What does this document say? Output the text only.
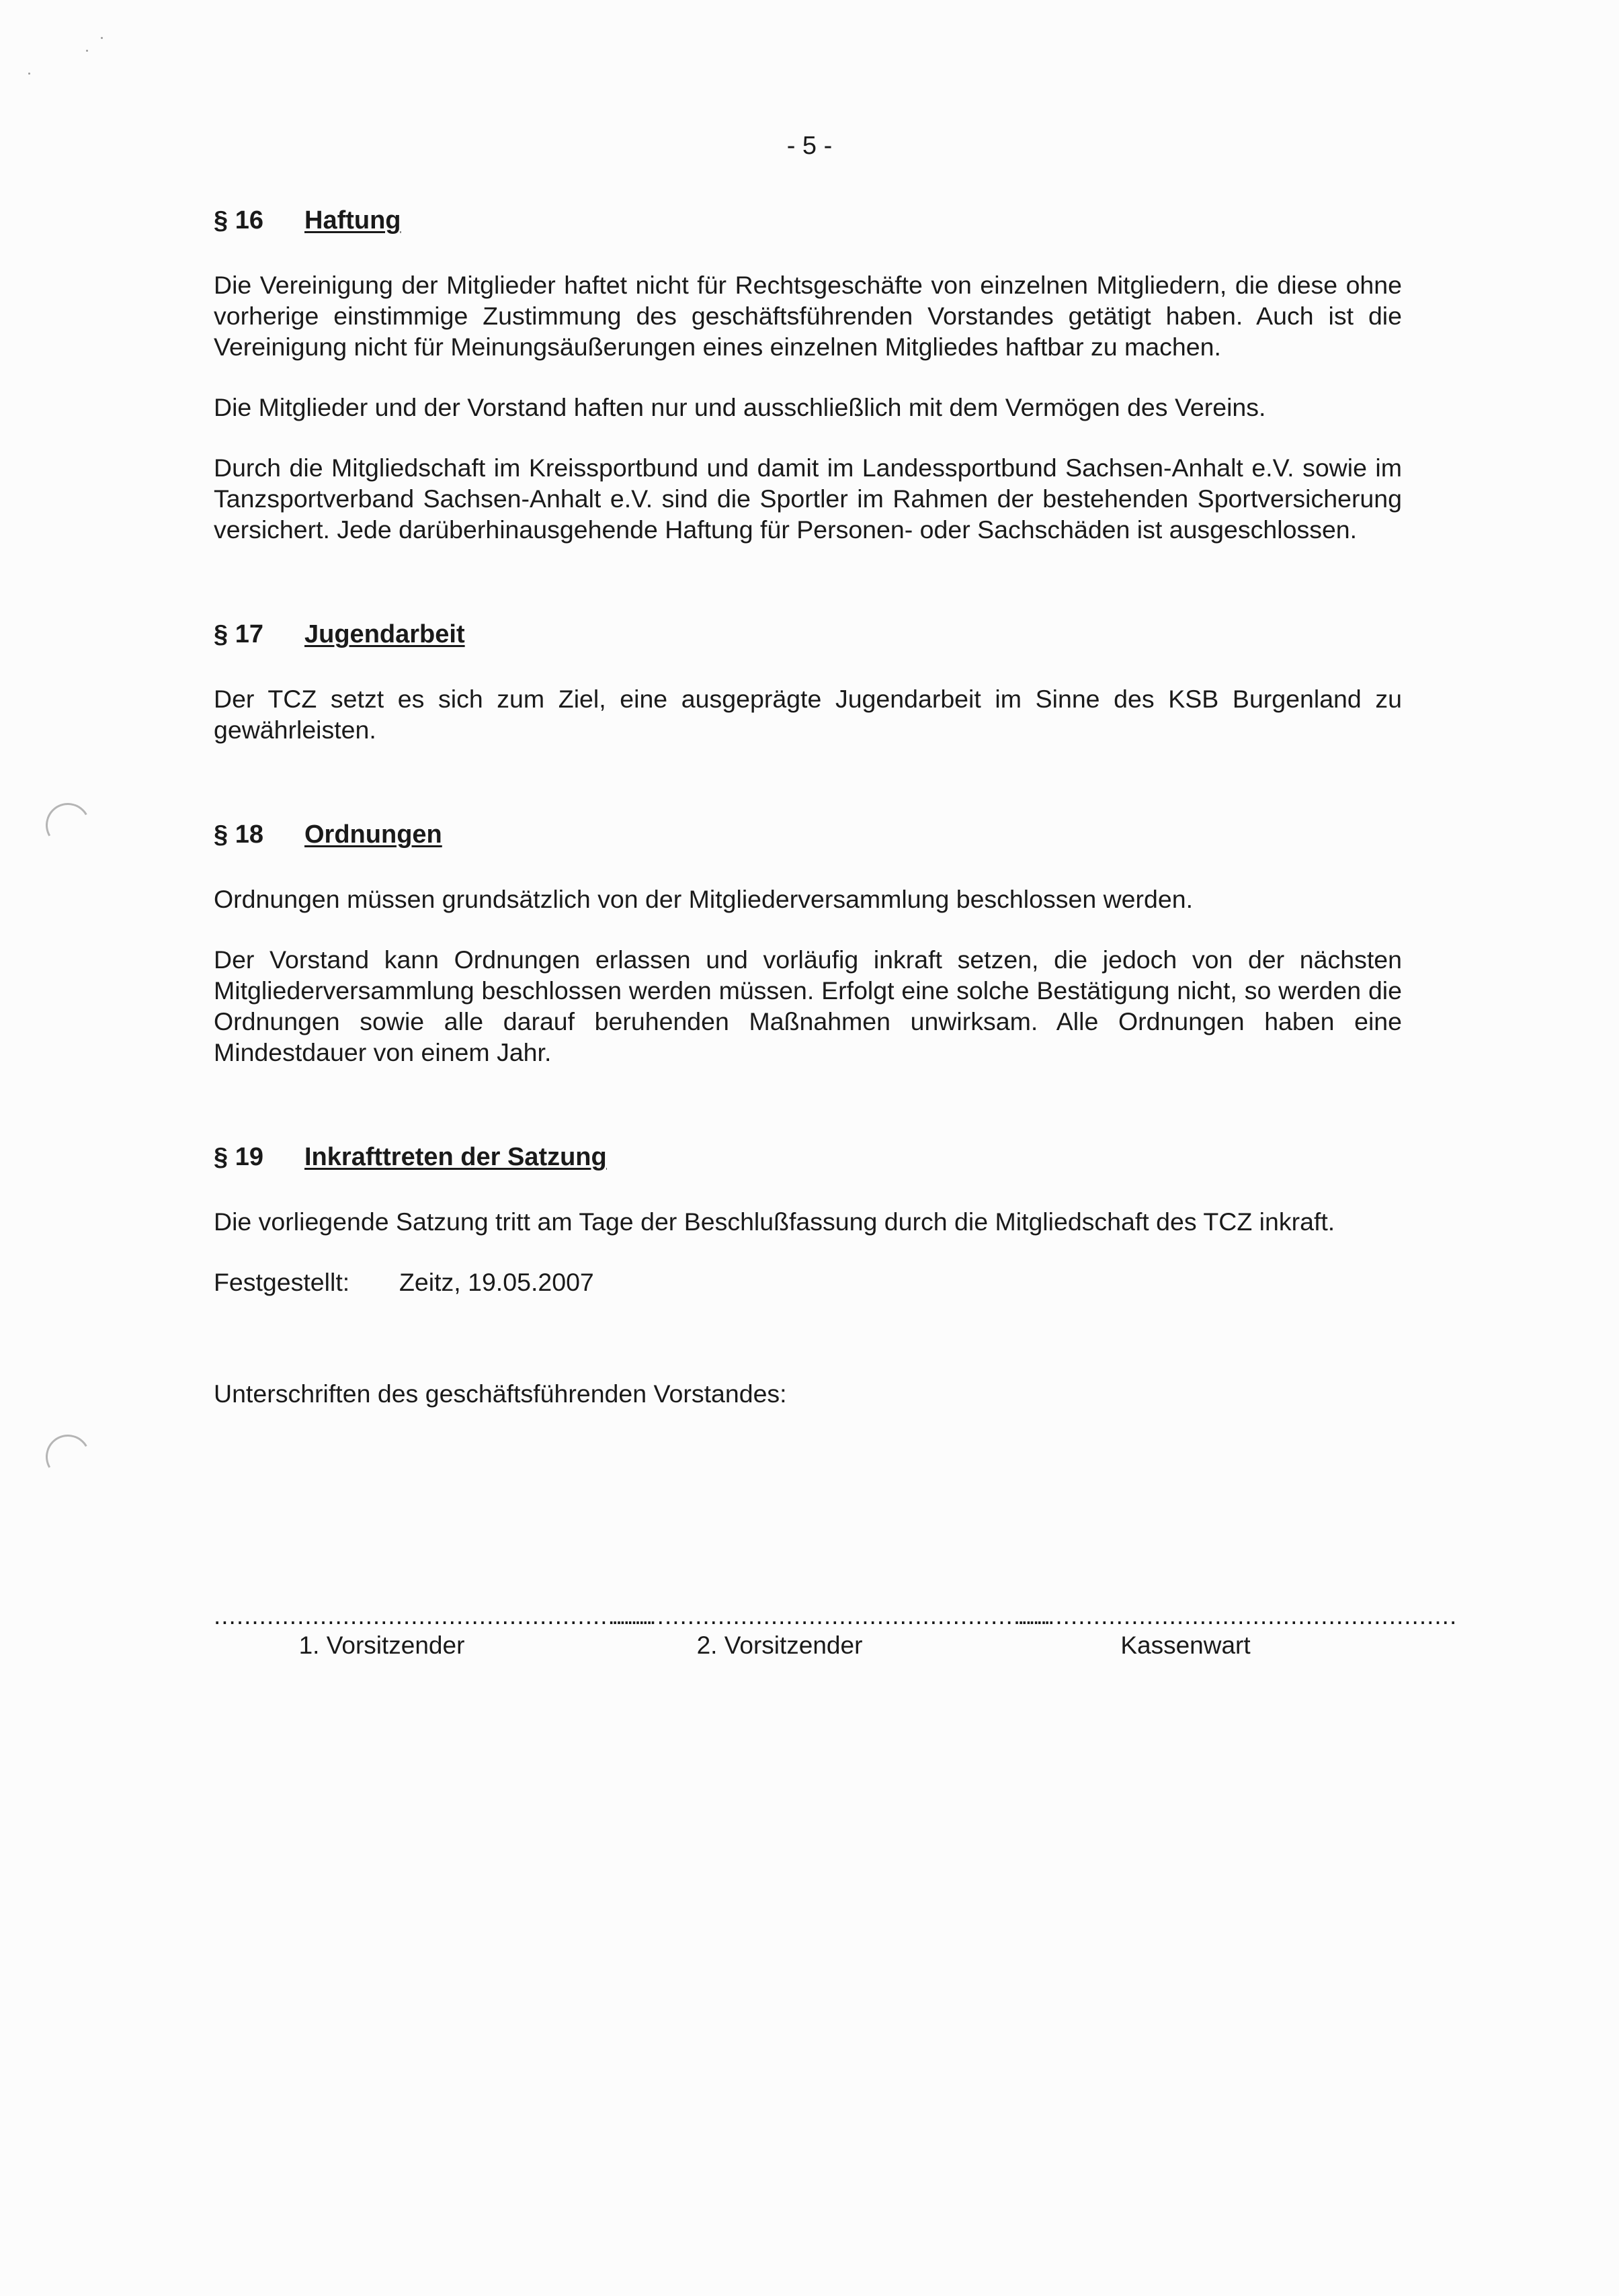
- 5 -
§ 16 Haftung

Die Vereinigung der Mitglieder haftet nicht für Rechtsgeschäfte von einzelnen Mitgliedern, die diese ohne vorherige einstimmige Zustimmung des geschäftsführenden Vorstandes getätigt haben. Auch ist die Vereinigung nicht für Meinungsäußerungen eines einzelnen Mitgliedes haftbar zu machen.

Die Mitglieder und der Vorstand haften nur und ausschließlich mit dem Vermögen des Vereins.

Durch die Mitgliedschaft im Kreissportbund und damit im Landessportbund Sachsen-Anhalt e.V. sowie im Tanzsportverband Sachsen-Anhalt e.V. sind die Sportler im Rahmen der bestehenden Sportversicherung versichert. Jede darüberhinausgehende Haftung für Personen- oder Sachschäden ist ausgeschlossen.

§ 17 Jugendarbeit

Der TCZ setzt es sich zum Ziel, eine ausgeprägte Jugendarbeit im Sinne des KSB Burgenland zu gewährleisten.

§ 18 Ordnungen

Ordnungen müssen grundsätzlich von der Mitgliederversammlung beschlossen werden.

Der Vorstand kann Ordnungen erlassen und vorläufig inkraft setzen, die jedoch von der nächsten Mitgliederversammlung beschlossen werden müssen. Erfolgt eine solche Bestätigung nicht, so werden die Ordnungen sowie alle darauf beruhenden Maßnahmen unwirksam. Alle Ordnungen haben eine Mindestdauer von einem Jahr.

§ 19 Inkrafttreten der Satzung

Die vorliegende Satzung tritt am Tage der Beschlußfassung durch die Mitgliedschaft des TCZ inkraft.

Festgestellt:	Zeitz, 19.05.2007

Unterschriften des geschäftsführenden Vorstandes:

..........................................................
1. Vorsitzender
..........................................................
2. Vorsitzender
..........................................................
Kassenwart
